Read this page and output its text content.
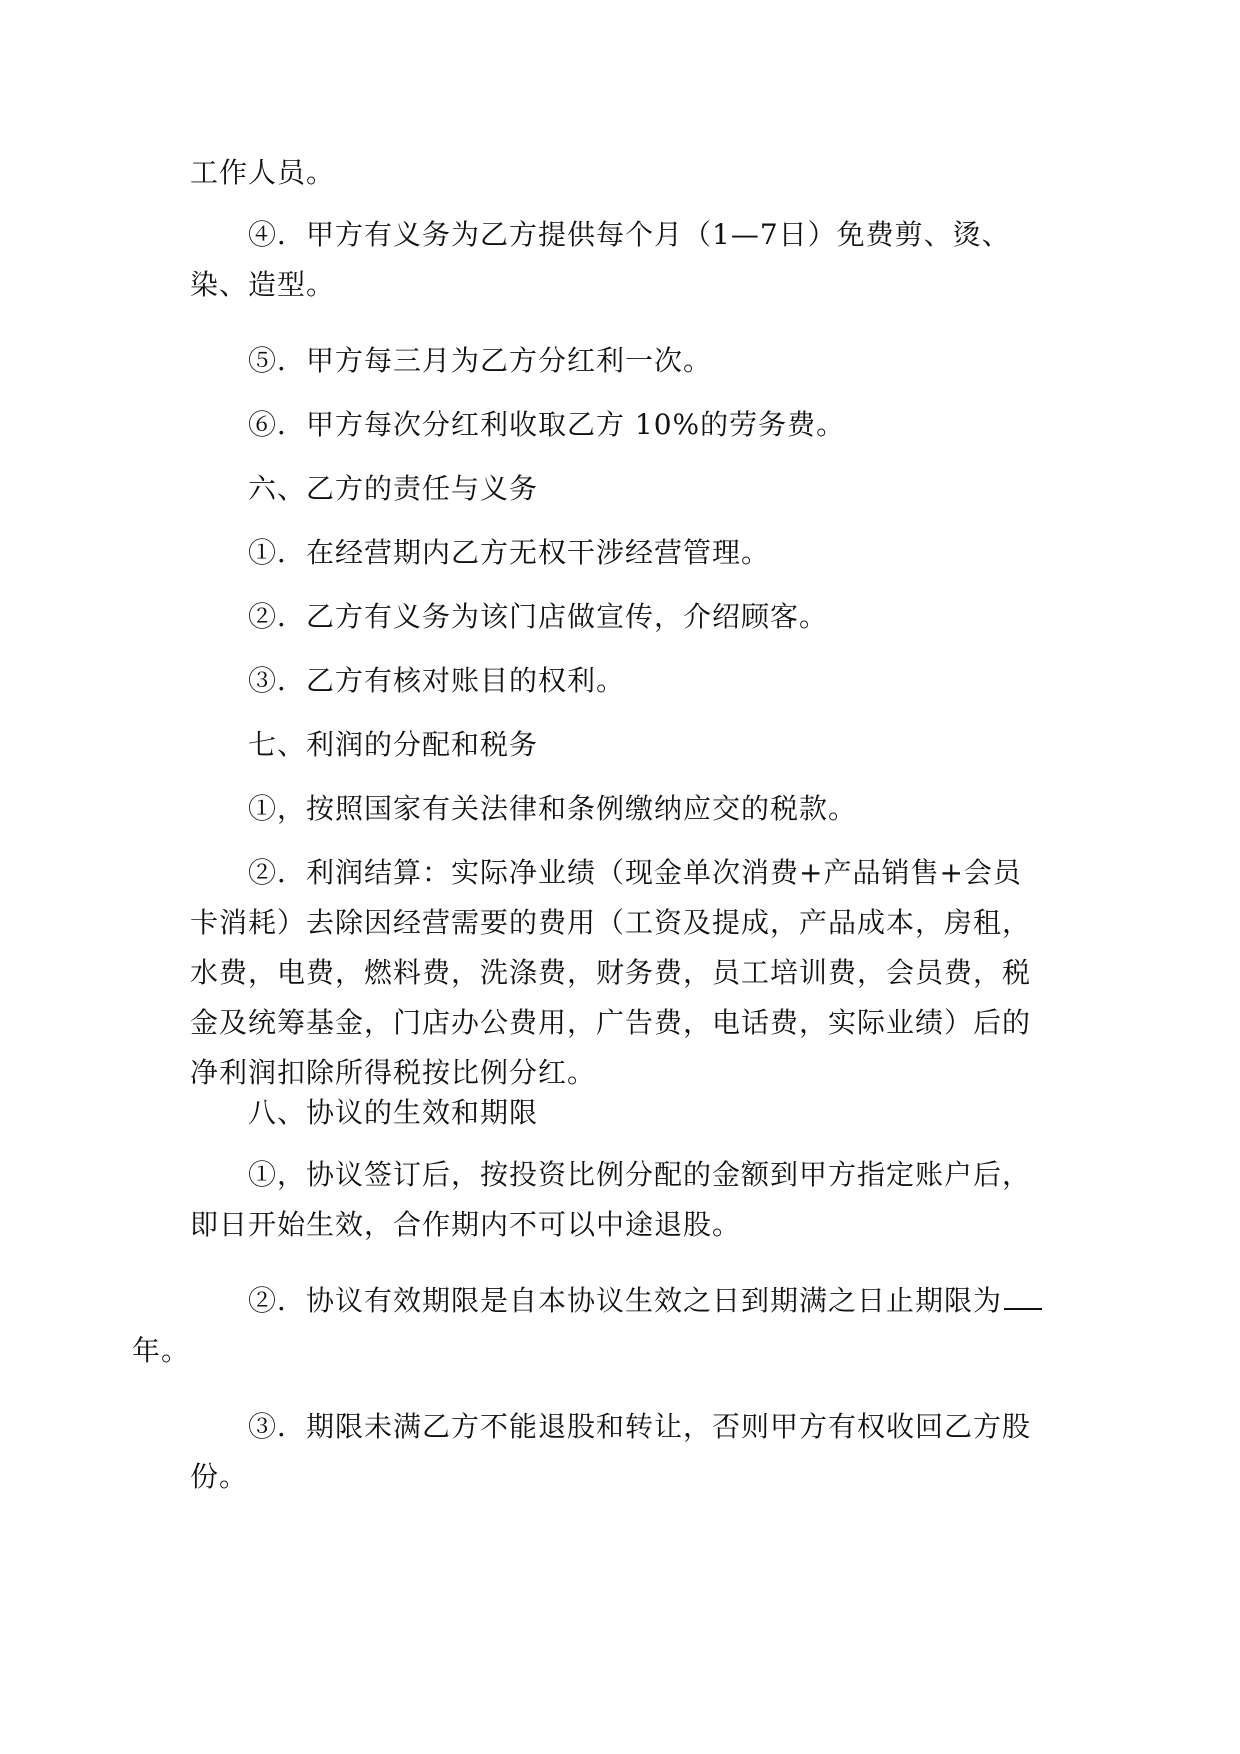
工作人员。

④．甲方有义务为乙方提供每个月（1—7日）免费剪、烫、染、造型。

⑤．甲方每三月为乙方分红利一次。

⑥．甲方每次分红利收取乙方 10%的劳务费。

六、乙方的责任与义务

①．在经营期内乙方无权干涉经营管理。

②．乙方有义务为该门店做宣传，介绍顾客。

③．乙方有核对账目的权利。

七、利润的分配和税务

①，按照国家有关法律和条例缴纳应交的税款。

②．利润结算：实际净业绩（现金单次消费+产品销售+会员卡消耗）去除因经营需要的费用（工资及提成，产品成本，房租，水费，电费，燃料费，洗涤费，财务费，员工培训费，会员费，税金及统筹基金，门店办公费用，广告费，电话费，实际业绩）后的净利润扣除所得税按比例分红。

八、协议的生效和期限

①，协议签订后，按投资比例分配的金额到甲方指定账户后，即日开始生效，合作期内不可以中途退股。

②．协议有效期限是自本协议生效之日到期满之日止期限为
年。

③．期限未满乙方不能退股和转让，否则甲方有权收回乙方股份。
